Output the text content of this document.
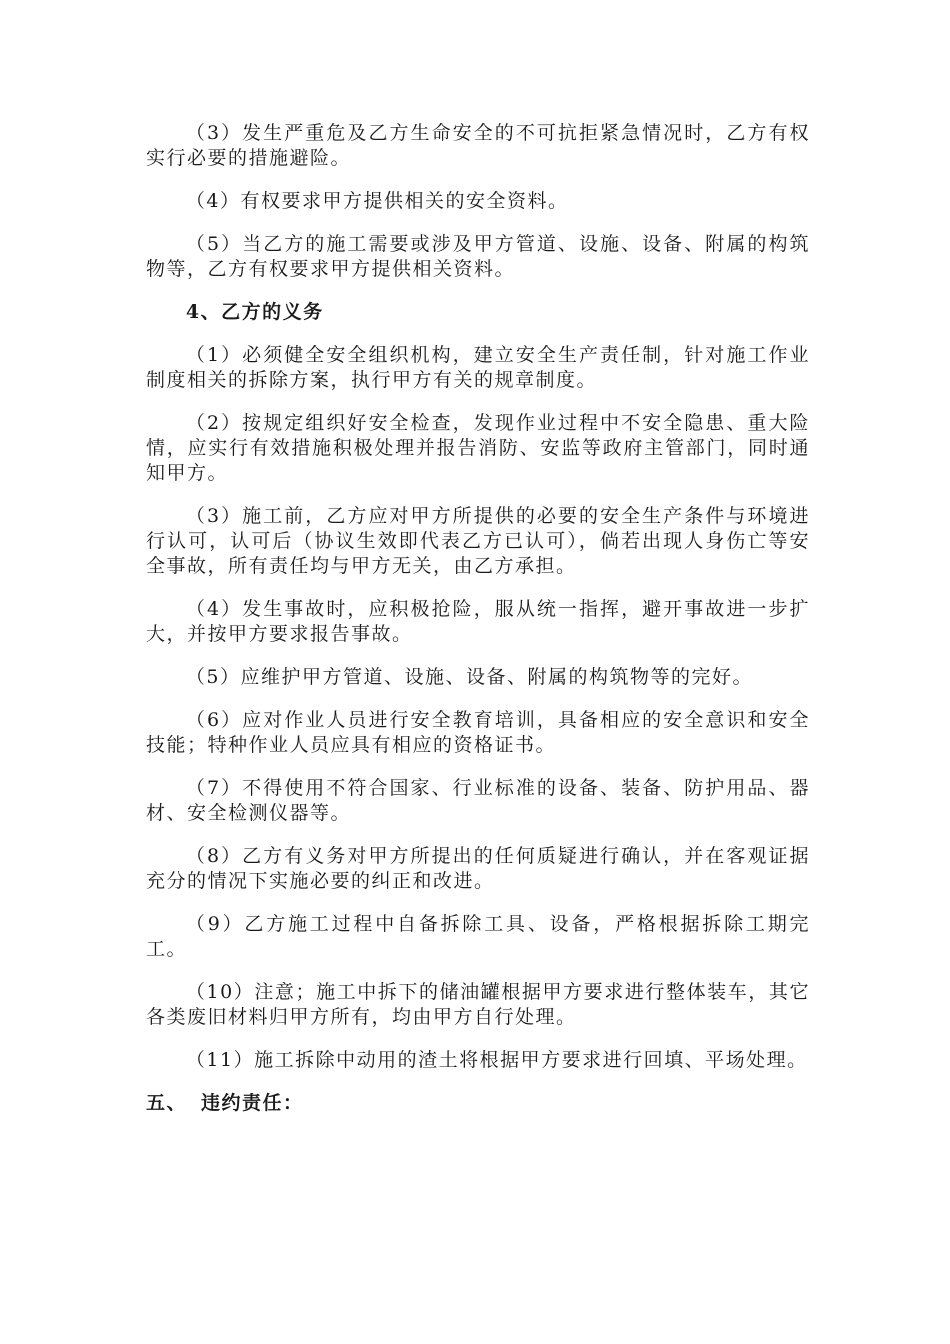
（3）发生严重危及乙方生命安全的不可抗拒紧急情况时，乙方有权实行必要的措施避险。

（4）有权要求甲方提供相关的安全资料。

（5）当乙方的施工需要或涉及甲方管道、设施、设备、附属的构筑物等，乙方有权要求甲方提供相关资料。

4、乙方的义务

（1）必须健全安全组织机构，建立安全生产责任制，针对施工作业制度相关的拆除方案，执行甲方有关的规章制度。

（2）按规定组织好安全检查，发现作业过程中不安全隐患、重大险情，应实行有效措施积极处理并报告消防、安监等政府主管部门，同时通知甲方。

（3）施工前，乙方应对甲方所提供的必要的安全生产条件与环境进行认可，认可后（协议生效即代表乙方已认可），倘若出现人身伤亡等安全事故，所有责任均与甲方无关，由乙方承担。

（4）发生事故时，应积极抢险，服从统一指挥，避开事故进一步扩大，并按甲方要求报告事故。

（5）应维护甲方管道、设施、设备、附属的构筑物等的完好。

（6）应对作业人员进行安全教育培训，具备相应的安全意识和安全技能；特种作业人员应具有相应的资格证书。

（7）不得使用不符合国家、行业标准的设备、装备、防护用品、器材、安全检测仪器等。

（8）乙方有义务对甲方所提出的任何质疑进行确认，并在客观证据充分的情况下实施必要的纠正和改进。

（9）乙方施工过程中自备拆除工具、设备，严格根据拆除工期完工。

（10）注意；施工中拆下的储油罐根据甲方要求进行整体装车，其它各类废旧材料归甲方所有，均由甲方自行处理。

（11）施工拆除中动用的渣土将根据甲方要求进行回填、平场处理。

五、 违约责任：
